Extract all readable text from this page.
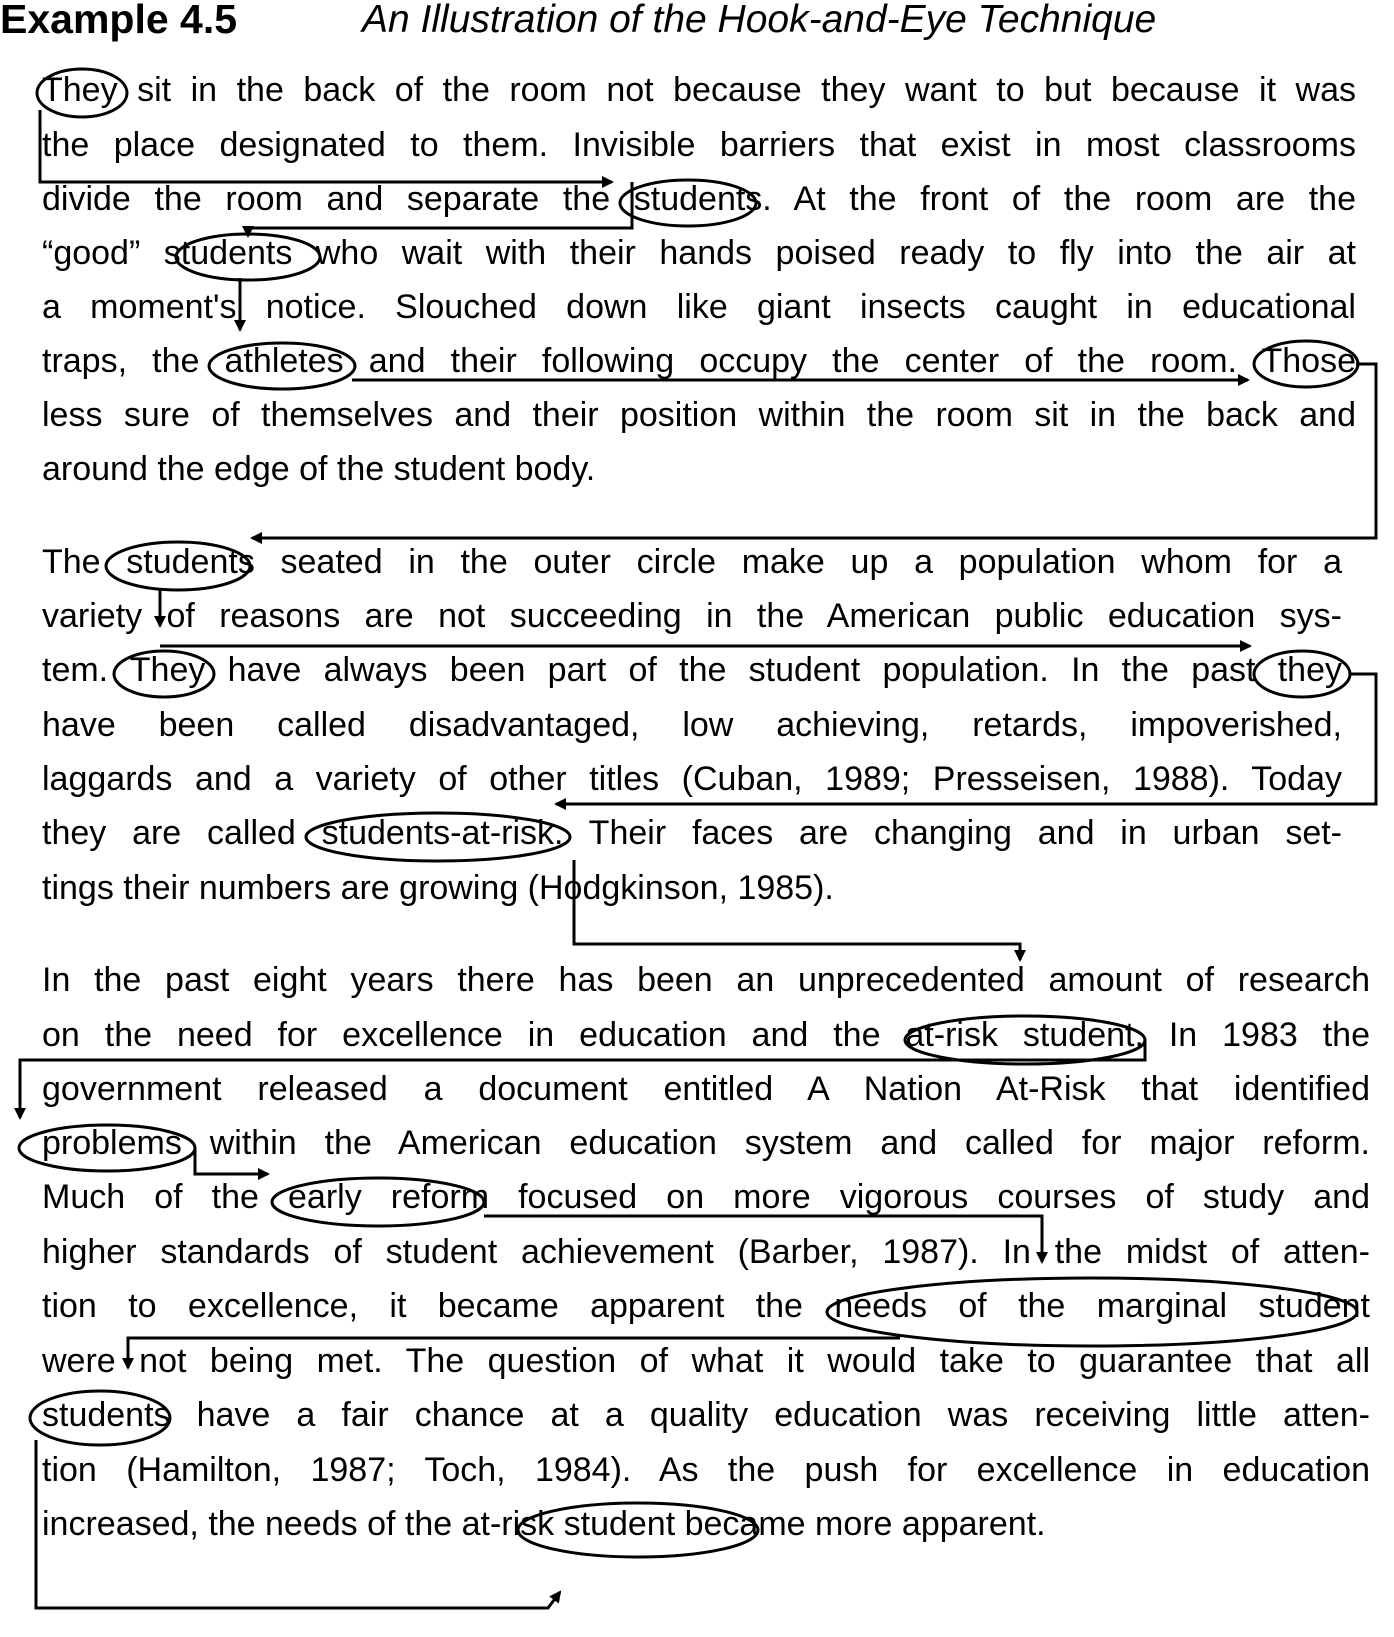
Example 4.5	An Illustration of the Hook-and-Eye Technique

They sit in the back of the room not because they want to but because it was

the place designated to them. Invisible barriers that exist in most classrooms

divide the room and separate the students. At the front of the room are the

“good” students who wait with their hands poised ready to fly into the air at

a moment's notice. Slouched down like giant insects caught in educational

traps, the athletes and their following occupy the center of the room. Those

less sure of themselves and their position within the room sit in the back and

around the edge of the student body.

The students seated in the outer circle make up a population whom for a

variety of reasons are not succeeding in the American public education sys-

tem. They have always been part of the student population. In the past they

have been called disadvantaged, low achieving, retards, impoverished,

laggards and a variety of other titles (Cuban, 1989; Presseisen, 1988). Today

they are called students-at-risk. Their faces are changing and in urban set-

tings their numbers are growing (Hodgkinson, 1985).

In the past eight years there has been an unprecedented amount of research

on the need for excellence in education and the at-risk student. In 1983 the

government released a document entitled A Nation At-Risk that identified

problems within the American education system and called for major reform.

Much of the early reform focused on more vigorous courses of study and

higher standards of student achievement (Barber, 1987). In the midst of atten-

tion to excellence, it became apparent the needs of the marginal student

were not being met. The question of what it would take to guarantee that all

students have a fair chance at a quality education was receiving little atten-

tion (Hamilton, 1987; Toch, 1984). As the push for excellence in education

increased, the needs of the at-risk student became more apparent.
